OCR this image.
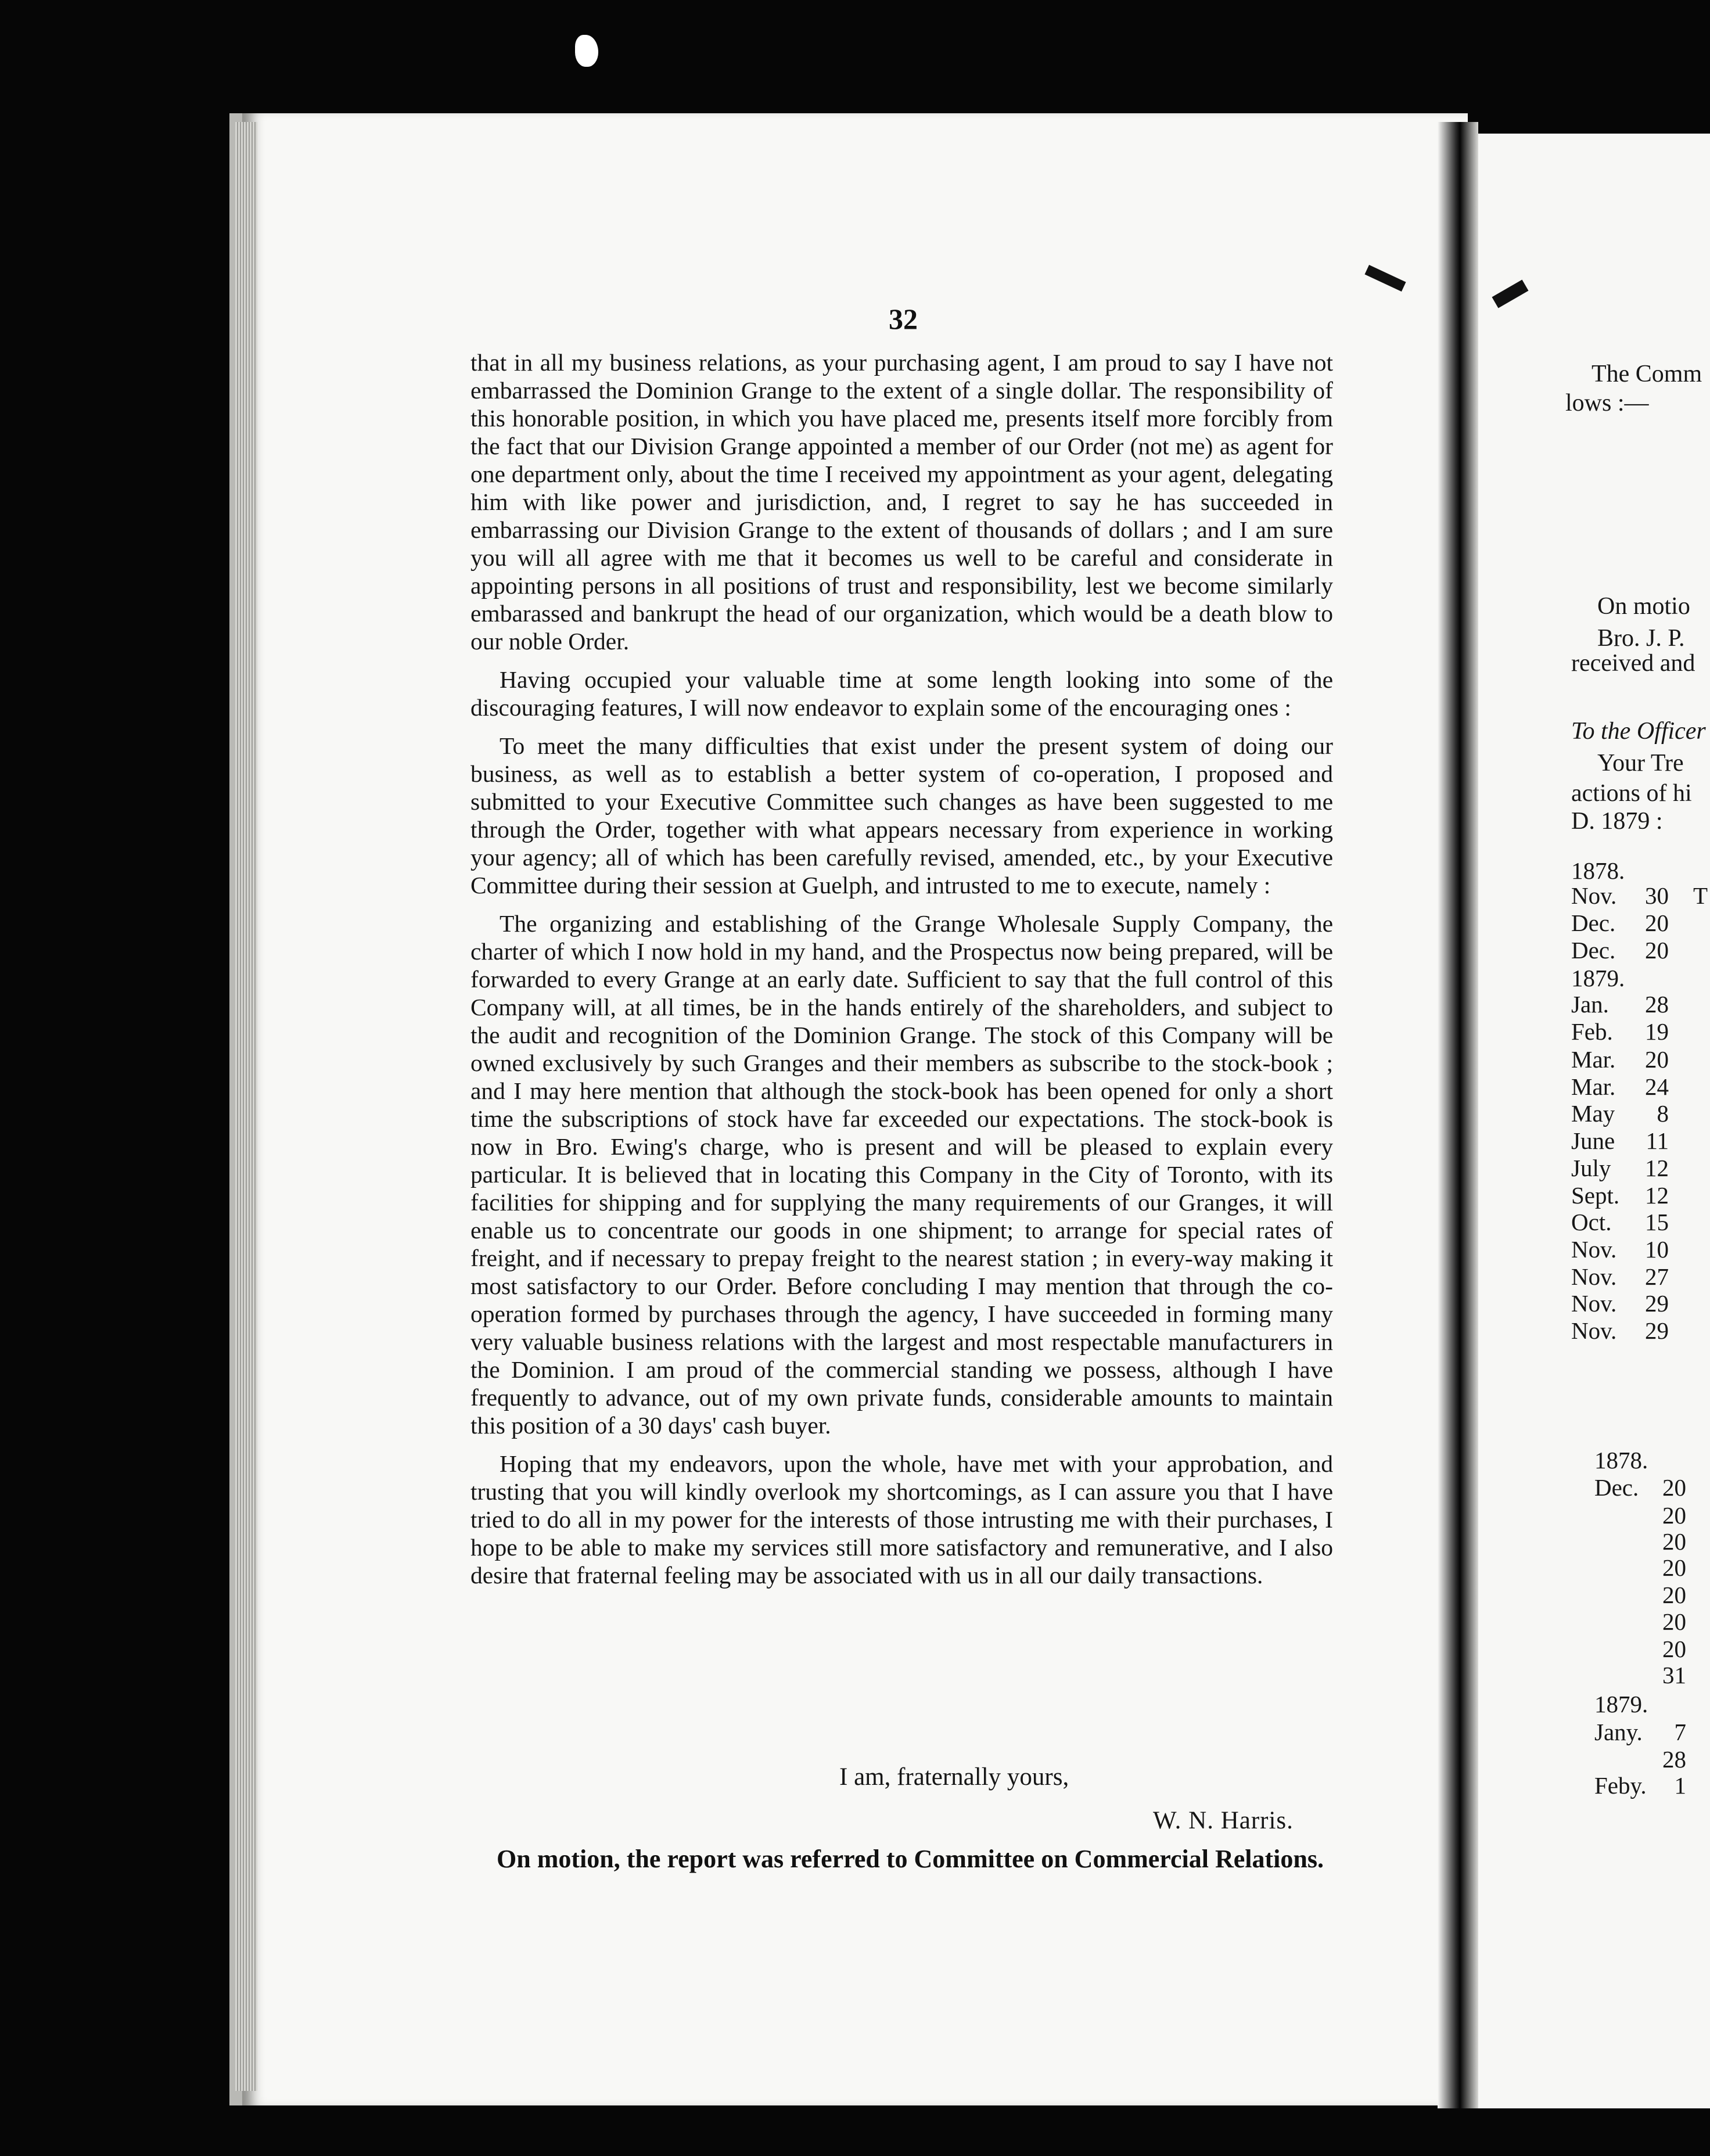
32

that in all my business relations, as your purchasing agent, I am proud to say I have not embarrassed the Dominion Grange to the extent of a single dollar. The responsibility of this honorable position, in which you have placed me, presents itself more forcibly from the fact that our Division Grange appointed a member of our Order (not me) as agent for one department only, about the time I received my appointment as your agent, delegating him with like power and jurisdiction, and, I regret to say he has succeeded in embarrassing our Division Grange to the extent of thousands of dollars ; and I am sure you will all agree with me that it becomes us well to be careful and considerate in appointing persons in all positions of trust and responsibility, lest we become similarly embarassed and bankrupt the head of our organization, which would be a death blow to our noble Order.

Having occupied your valuable time at some length looking into some of the discouraging features, I will now endeavor to explain some of the encouraging ones :

To meet the many difficulties that exist under the present system of doing our business, as well as to establish a better system of co-operation, I proposed and submitted to your Executive Committee such changes as have been suggested to me through the Order, together with what appears necessary from experience in working your agency; all of which has been carefully revised, amended, etc., by your Executive Committee during their session at Guelph, and intrusted to me to execute, namely :

The organizing and establishing of the Grange Wholesale Supply Company, the charter of which I now hold in my hand, and the Prospectus now being prepared, will be forwarded to every Grange at an early date. Sufficient to say that the full control of this Company will, at all times, be in the hands entirely of the shareholders, and subject to the audit and recognition of the Dominion Grange. The stock of this Company will be owned exclusively by such Granges and their members as subscribe to the stock-book ; and I may here mention that although the stock-book has been opened for only a short time the subscriptions of stock have far exceeded our expectations. The stock-book is now in Bro. Ewing's charge, who is present and will be pleased to explain every particular. It is believed that in locating this Company in the City of Toronto, with its facilities for shipping and for supplying the many requirements of our Granges, it will enable us to concentrate our goods in one shipment; to arrange for special rates of freight, and if necessary to prepay freight to the nearest station ; in every-way making it most satisfactory to our Order. Before concluding I may mention that through the co-operation formed by purchases through the agency, I have succeeded in forming many very valuable business relations with the largest and most respectable manufacturers in the Dominion. I am proud of the commercial standing we possess, although I have frequently to advance, out of my own private funds, considerable amounts to maintain this position of a 30 days' cash buyer.

Hoping that my endeavors, upon the whole, have met with your approbation, and trusting that you will kindly overlook my shortcomings, as I can assure you that I have tried to do all in my power for the interests of those intrusting me with their purchases, I hope to be able to make my services still more satisfactory and remunerative, and I also desire that fraternal feeling may be associated with us in all our daily transactions.

I am, fraternally yours,
W. N. Harris.
On motion, the report was referred to Committee on Commercial Relations.
The Comm
lows :—
On motio
Bro. J. P.
received and
To the Officer
Your Tre
actions of hi
D. 1879 :
1878.
Nov. 30 T
Dec. 20
Dec. 20
1879.
Jan. 28
Feb. 19
Mar. 20
Mar. 24
May 8
June 11
July 12
Sept. 12
Oct. 15
Nov. 10
Nov. 27
Nov. 29
Nov. 29
1878.
Dec. 20
20
20
20
20
20
20
31
1879.
Jany. 7
28
Feby. 1
